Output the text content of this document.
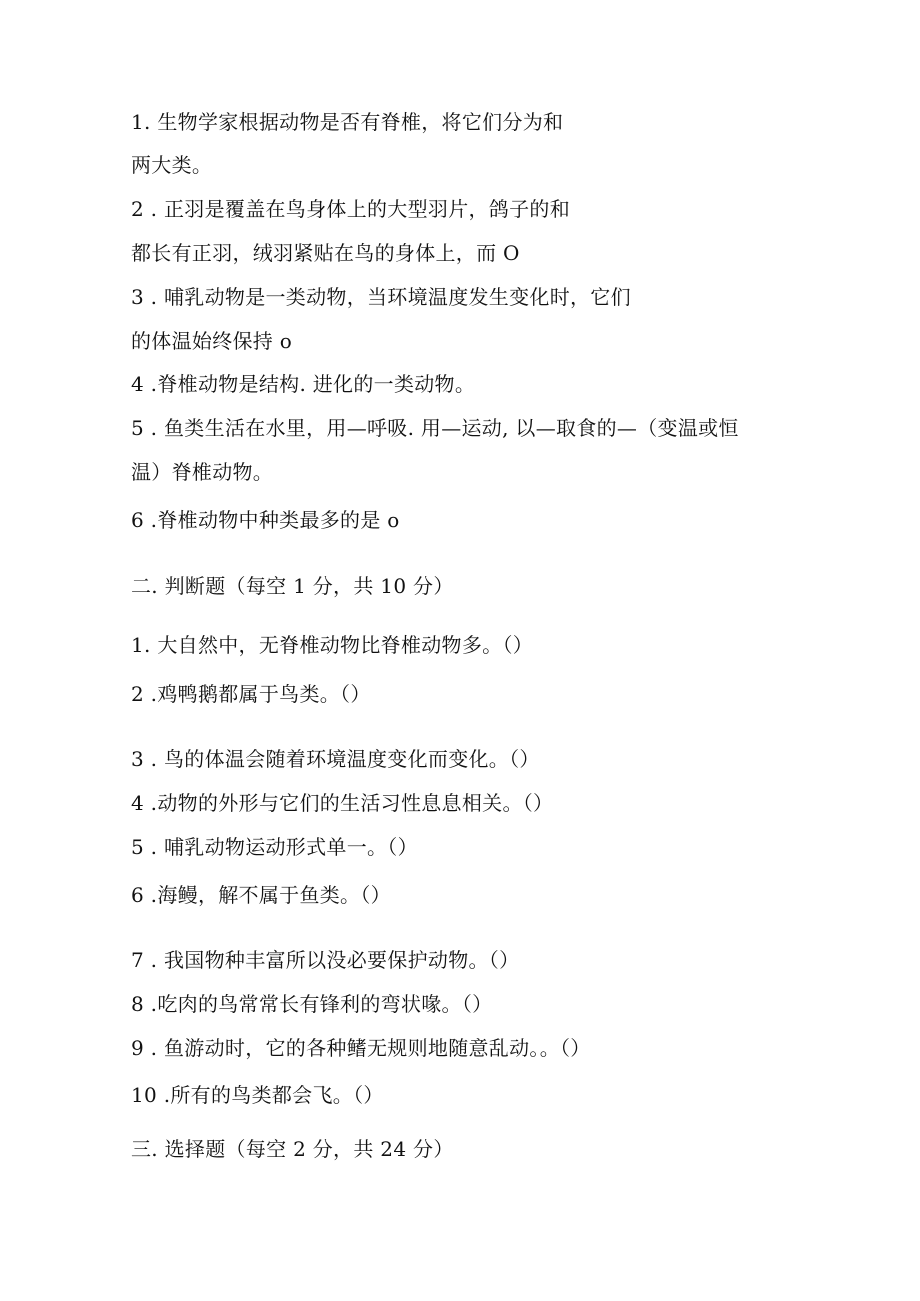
1. 生物学家根据动物是否有脊椎，将它们分为和
两大类。
2 . 正羽是覆盖在鸟身体上的大型羽片，鸽子的和
都长有正羽，绒羽紧贴在鸟的身体上，而 O
3 . 哺乳动物是一类动物，当环境温度发生变化时，它们
的体温始终保持 o
4 .脊椎动物是结构. 进化的一类动物。
5 . 鱼类生活在水里，用—呼吸. 用—运动, 以—取食的—（变温或恒
温）脊椎动物。
6 .脊椎动物中种类最多的是 o
二. 判断题（每空 1 分，共 10 分）
1. 大自然中，无脊椎动物比脊椎动物多。（）
2 .鸡鸭鹅都属于鸟类。（）
3 . 鸟的体温会随着环境温度变化而变化。（）
4 .动物的外形与它们的生活习性息息相关。（）
5 . 哺乳动物运动形式单一。（）
6 .海鳗，解不属于鱼类。（）
7 . 我国物种丰富所以没必要保护动物。（）
8 .吃肉的鸟常常长有锋利的弯状喙。（）
9 . 鱼游动时，它的各种鳍无规则地随意乱动。。（）
10 .所有的鸟类都会飞。（）
三. 选择题（每空 2 分，共 24 分）
